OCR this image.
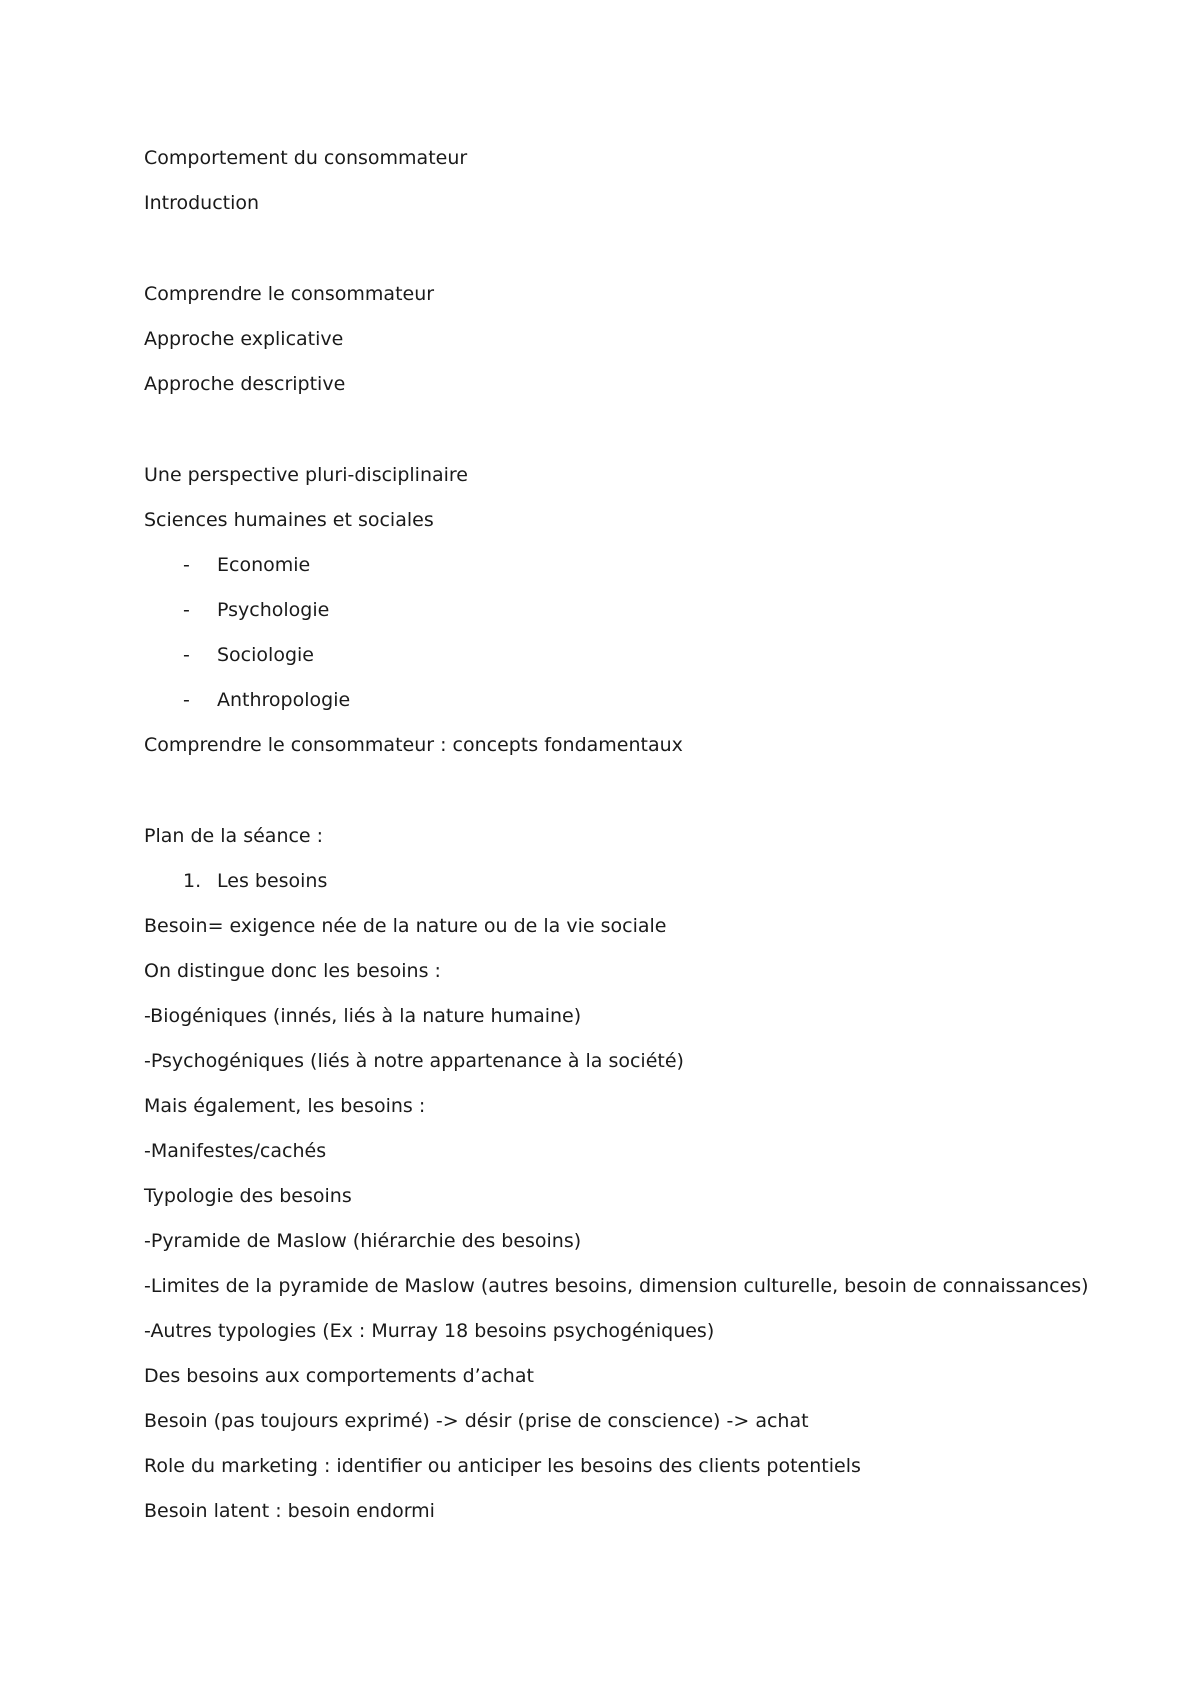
Comportement du consommateur
Introduction
Comprendre le consommateur
Approche explicative
Approche descriptive
Une perspective pluri-disciplinaire
Sciences humaines et sociales
- Economie
- Psychologie
- Sociologie
- Anthropologie
Comprendre le consommateur : concepts fondamentaux
Plan de la séance :
1. Les besoins
Besoin= exigence née de la nature ou de la vie sociale
On distingue donc les besoins :
-Biogéniques (innés, liés à la nature humaine)
-Psychogéniques (liés à notre appartenance à la société)
Mais également, les besoins :
-Manifestes/cachés
Typologie des besoins
-Pyramide de Maslow (hiérarchie des besoins)
-Limites de la pyramide de Maslow (autres besoins, dimension culturelle, besoin de connaissances)
-Autres typologies (Ex : Murray 18 besoins psychogéniques)
Des besoins aux comportements d’achat
Besoin (pas toujours exprimé) -> désir (prise de conscience) -> achat
Role du marketing : identifier ou anticiper les besoins des clients potentiels
Besoin latent : besoin endormi
